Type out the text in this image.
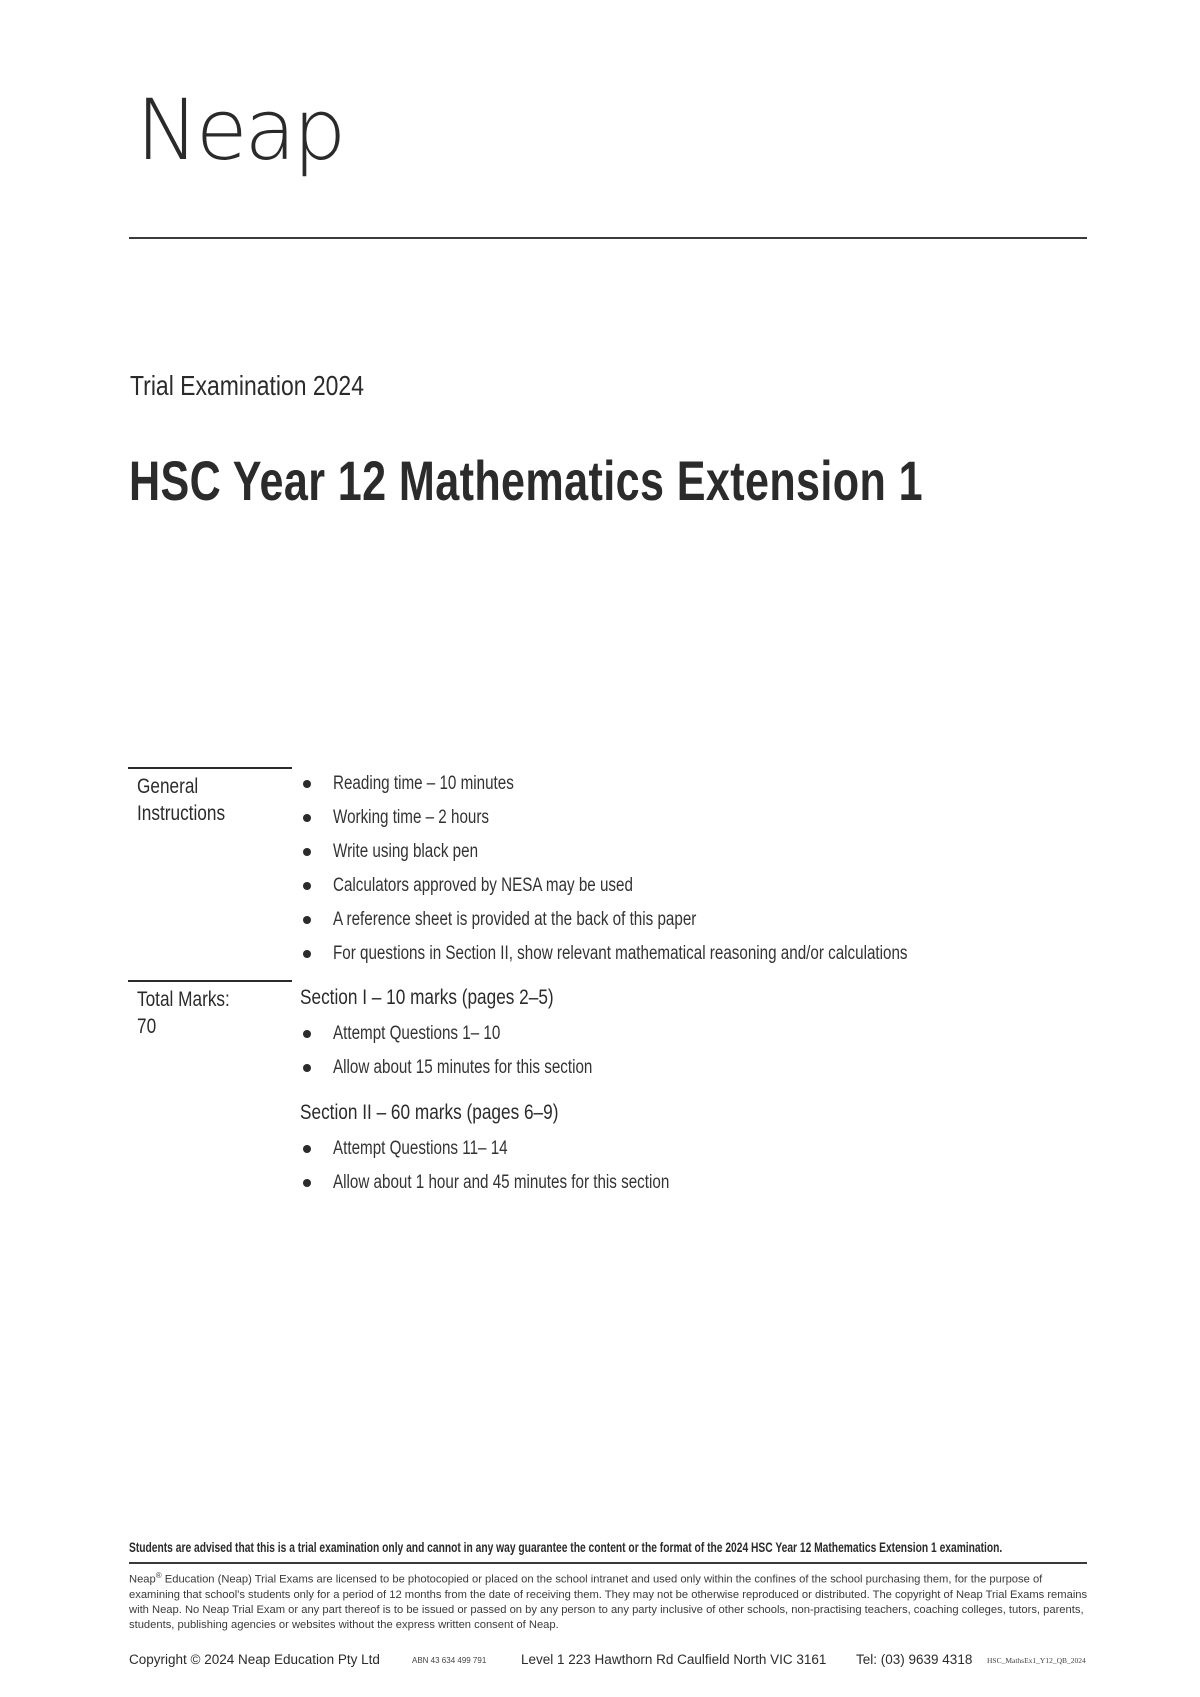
Neap
Trial Examination 2024
HSC Year 12 Mathematics Extension 1
General
Instructions
Reading time – 10 minutes
Working time – 2 hours
Write using black pen
Calculators approved by NESA may be used
A reference sheet is provided at the back of this paper
For questions in Section II, show relevant mathematical reasoning and/or calculations
Total Marks:
70
Section I – 10 marks (pages 2–5)
Attempt Questions 1– 10
Allow about 15 minutes for this section
Section II – 60 marks (pages 6–9)
Attempt Questions 11– 14
Allow about 1 hour and 45 minutes for this section
Students are advised that this is a trial examination only and cannot in any way guarantee the content or the format of the 2024 HSC Year 12 Mathematics Extension 1 examination.
Neap® Education (Neap) Trial Exams are licensed to be photocopied or placed on the school intranet and used only within the confines of the school purchasing them, for the purpose of examining that school's students only for a period of 12 months from the date of receiving them. They may not be otherwise reproduced or distributed. The copyright of Neap Trial Exams remains with Neap. No Neap Trial Exam or any part thereof is to be issued or passed on by any person to any party inclusive of other schools, non-practising teachers, coaching colleges, tutors, parents, students, publishing agencies or websites without the express written consent of Neap.
Copyright © 2024 Neap Education Pty Ltd	ABN 43 634 499 791	Level 1 223 Hawthorn Rd Caulfield North VIC 3161 Tel: (03) 9639 4318 HSC_MathsEx1_Y12_QB_2024
